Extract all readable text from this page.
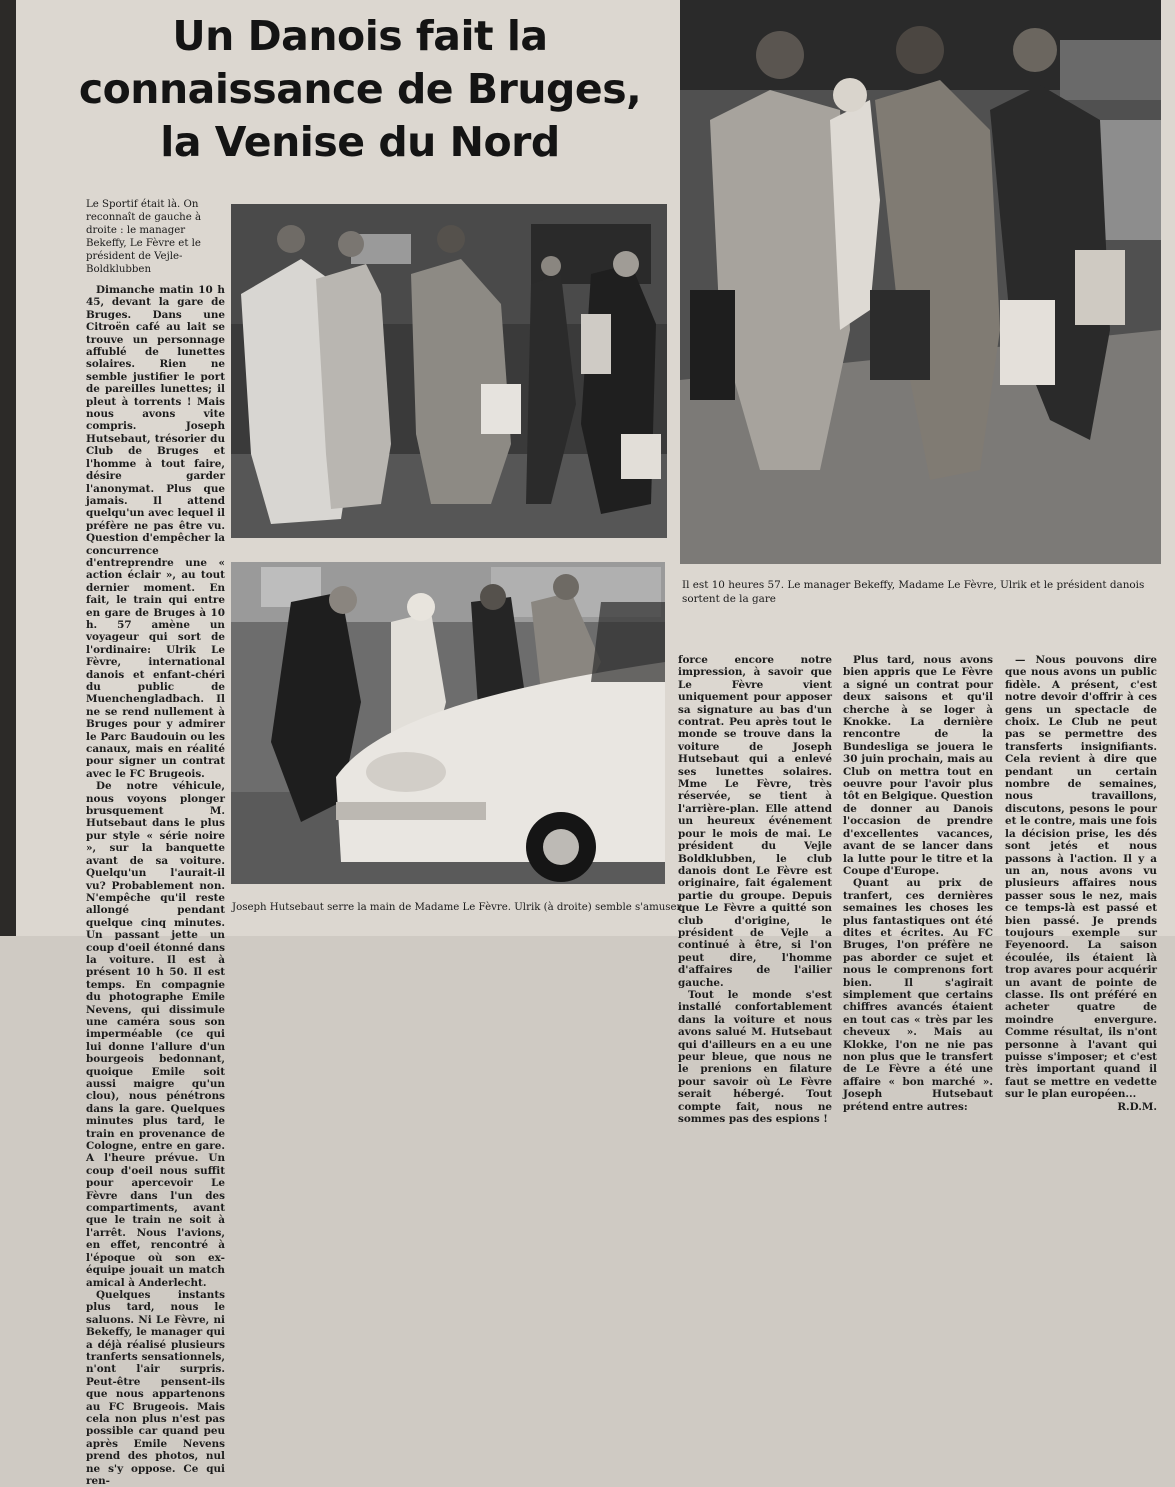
Un Danois fait la
connaissance de Bruges,
la Venise du Nord
Le Sportif était là. On reconnaît de gauche à droite : le manager Bekeffy, Le Fèvre et le président de Vejle-Boldklubben
Il est 10 heures 57. Le manager Bekeffy, Madame Le Fèvre, Ulrik et le président danois sortent de la gare
Joseph Hutsebaut serre la main de Madame Le Fèvre. Ulrik (à droite) semble s'amuser

Dimanche matin 10 h 45, devant la gare de Bruges. Dans une Citroën café au lait se trouve un personnage affublé de lunettes solaires. Rien ne semble justifier le port de pareilles lunettes; il pleut à torrents ! Mais nous avons vite compris. Joseph Hutsebaut, trésorier du Club de Bruges et l'homme à tout faire, désire garder l'anonymat. Plus que jamais. Il attend quelqu'un avec lequel il préfère ne pas être vu. Question d'empêcher la concurrence d'entreprendre une « action éclair », au tout dernier moment. En fait, le train qui entre en gare de Bruges à 10 h. 57 amène un voyageur qui sort de l'ordinaire: Ulrik Le Fèvre, international danois et enfant-chéri du public de Muenchengladbach. Il ne se rend nullement à Bruges pour y admirer le Parc Baudouin ou les canaux, mais en réalité pour signer un contrat avec le FC Brugeois.

De notre véhicule, nous voyons plonger brusquement M. Hutsebaut dans le plus pur style « série noire », sur la banquette avant de sa voiture. Quelqu'un l'aurait-il vu? Probablement non. N'empêche qu'il reste allongé pendant quelque cinq minutes. Un passant jette un coup d'oeil étonné dans la voiture. Il est à présent 10 h 50. Il est temps. En compagnie du photographe Emile Nevens, qui dissimule une caméra sous son imperméable (ce qui lui donne l'allure d'un bourgeois bedonnant, quoique Emile soit aussi maigre qu'un clou), nous pénétrons dans la gare. Quelques minutes plus tard, le train en provenance de Cologne, entre en gare. A l'heure prévue. Un coup d'oeil nous suffit pour apercevoir Le Fèvre dans l'un des compartiments, avant que le train ne soit à l'arrêt. Nous l'avions, en effet, rencontré à l'époque où son ex-équipe jouait un match amical à Anderlecht.

Quelques instants plus tard, nous le saluons. Ni Le Fèvre, ni Bekeffy, le manager qui a déjà réalisé plusieurs tranferts sensationnels, n'ont l'air surpris. Peut-être pensent-ils que nous appartenons au FC Brugeois. Mais cela non plus n'est pas possible car quand peu après Emile Nevens prend des photos, nul ne s'y oppose. Ce qui ren-

force encore notre impression, à savoir que Le Fèvre vient uniquement pour apposer sa signature au bas d'un contrat. Peu après tout le monde se trouve dans la voiture de Joseph Hutsebaut qui a enlevé ses lunettes solaires. Mme Le Fèvre, très réservée, se tient à l'arrière-plan. Elle attend un heureux événement pour le mois de mai. Le président du Vejle Boldklubben, le club danois dont Le Fèvre est originaire, fait également partie du groupe. Depuis que Le Fèvre a quitté son club d'origine, le président de Vejle a continué à être, si l'on peut dire, l'homme d'affaires de l'ailier gauche.

Tout le monde s'est installé confortablement dans la voiture et nous avons salué M. Hutsebaut qui d'ailleurs en a eu une peur bleue, que nous ne le prenions en filature pour savoir où Le Fèvre serait hébergé. Tout compte fait, nous ne sommes pas des espions !

Plus tard, nous avons bien appris que Le Fèvre a signé un contrat pour deux saisons et qu'il cherche à se loger à Knokke. La dernière rencontre de la Bundesliga se jouera le 30 juin prochain, mais au Club on mettra tout en oeuvre pour l'avoir plus tôt en Belgique. Question de donner au Danois l'occasion de prendre d'excellentes vacances, avant de se lancer dans la lutte pour le titre et la Coupe d'Europe.

Quant au prix de tranfert, ces dernières semaines les choses les plus fantastiques ont été dites et écrites. Au FC Bruges, l'on préfère ne pas aborder ce sujet et nous le comprenons fort bien. Il s'agirait simplement que certains chiffres avancés étaient en tout cas « très par les cheveux ». Mais au Klokke, l'on ne nie pas non plus que le transfert de Le Fèvre a été une affaire « bon marché ». Joseph Hutsebaut prétend entre autres:

— Nous pouvons dire que nous avons un public fidèle. A présent, c'est notre devoir d'offrir à ces gens un spectacle de choix. Le Club ne peut pas se permettre des transferts insignifiants. Cela revient à dire que pendant un certain nombre de semaines, nous travaillons, discutons, pesons le pour et le contre, mais une fois la décision prise, les dés sont jetés et nous passons à l'action. Il y a un an, nous avons vu plusieurs affaires nous passer sous le nez, mais ce temps-là est passé et bien passé. Je prends toujours exemple sur Feyenoord. La saison écoulée, ils étaient là trop avares pour acquérir un avant de pointe de classe. Ils ont préféré en acheter quatre de moindre envergure. Comme résultat, ils n'ont personne à l'avant qui puisse s'imposer; et c'est très important quand il faut se mettre en vedette sur le plan européen...

R.D.M.
